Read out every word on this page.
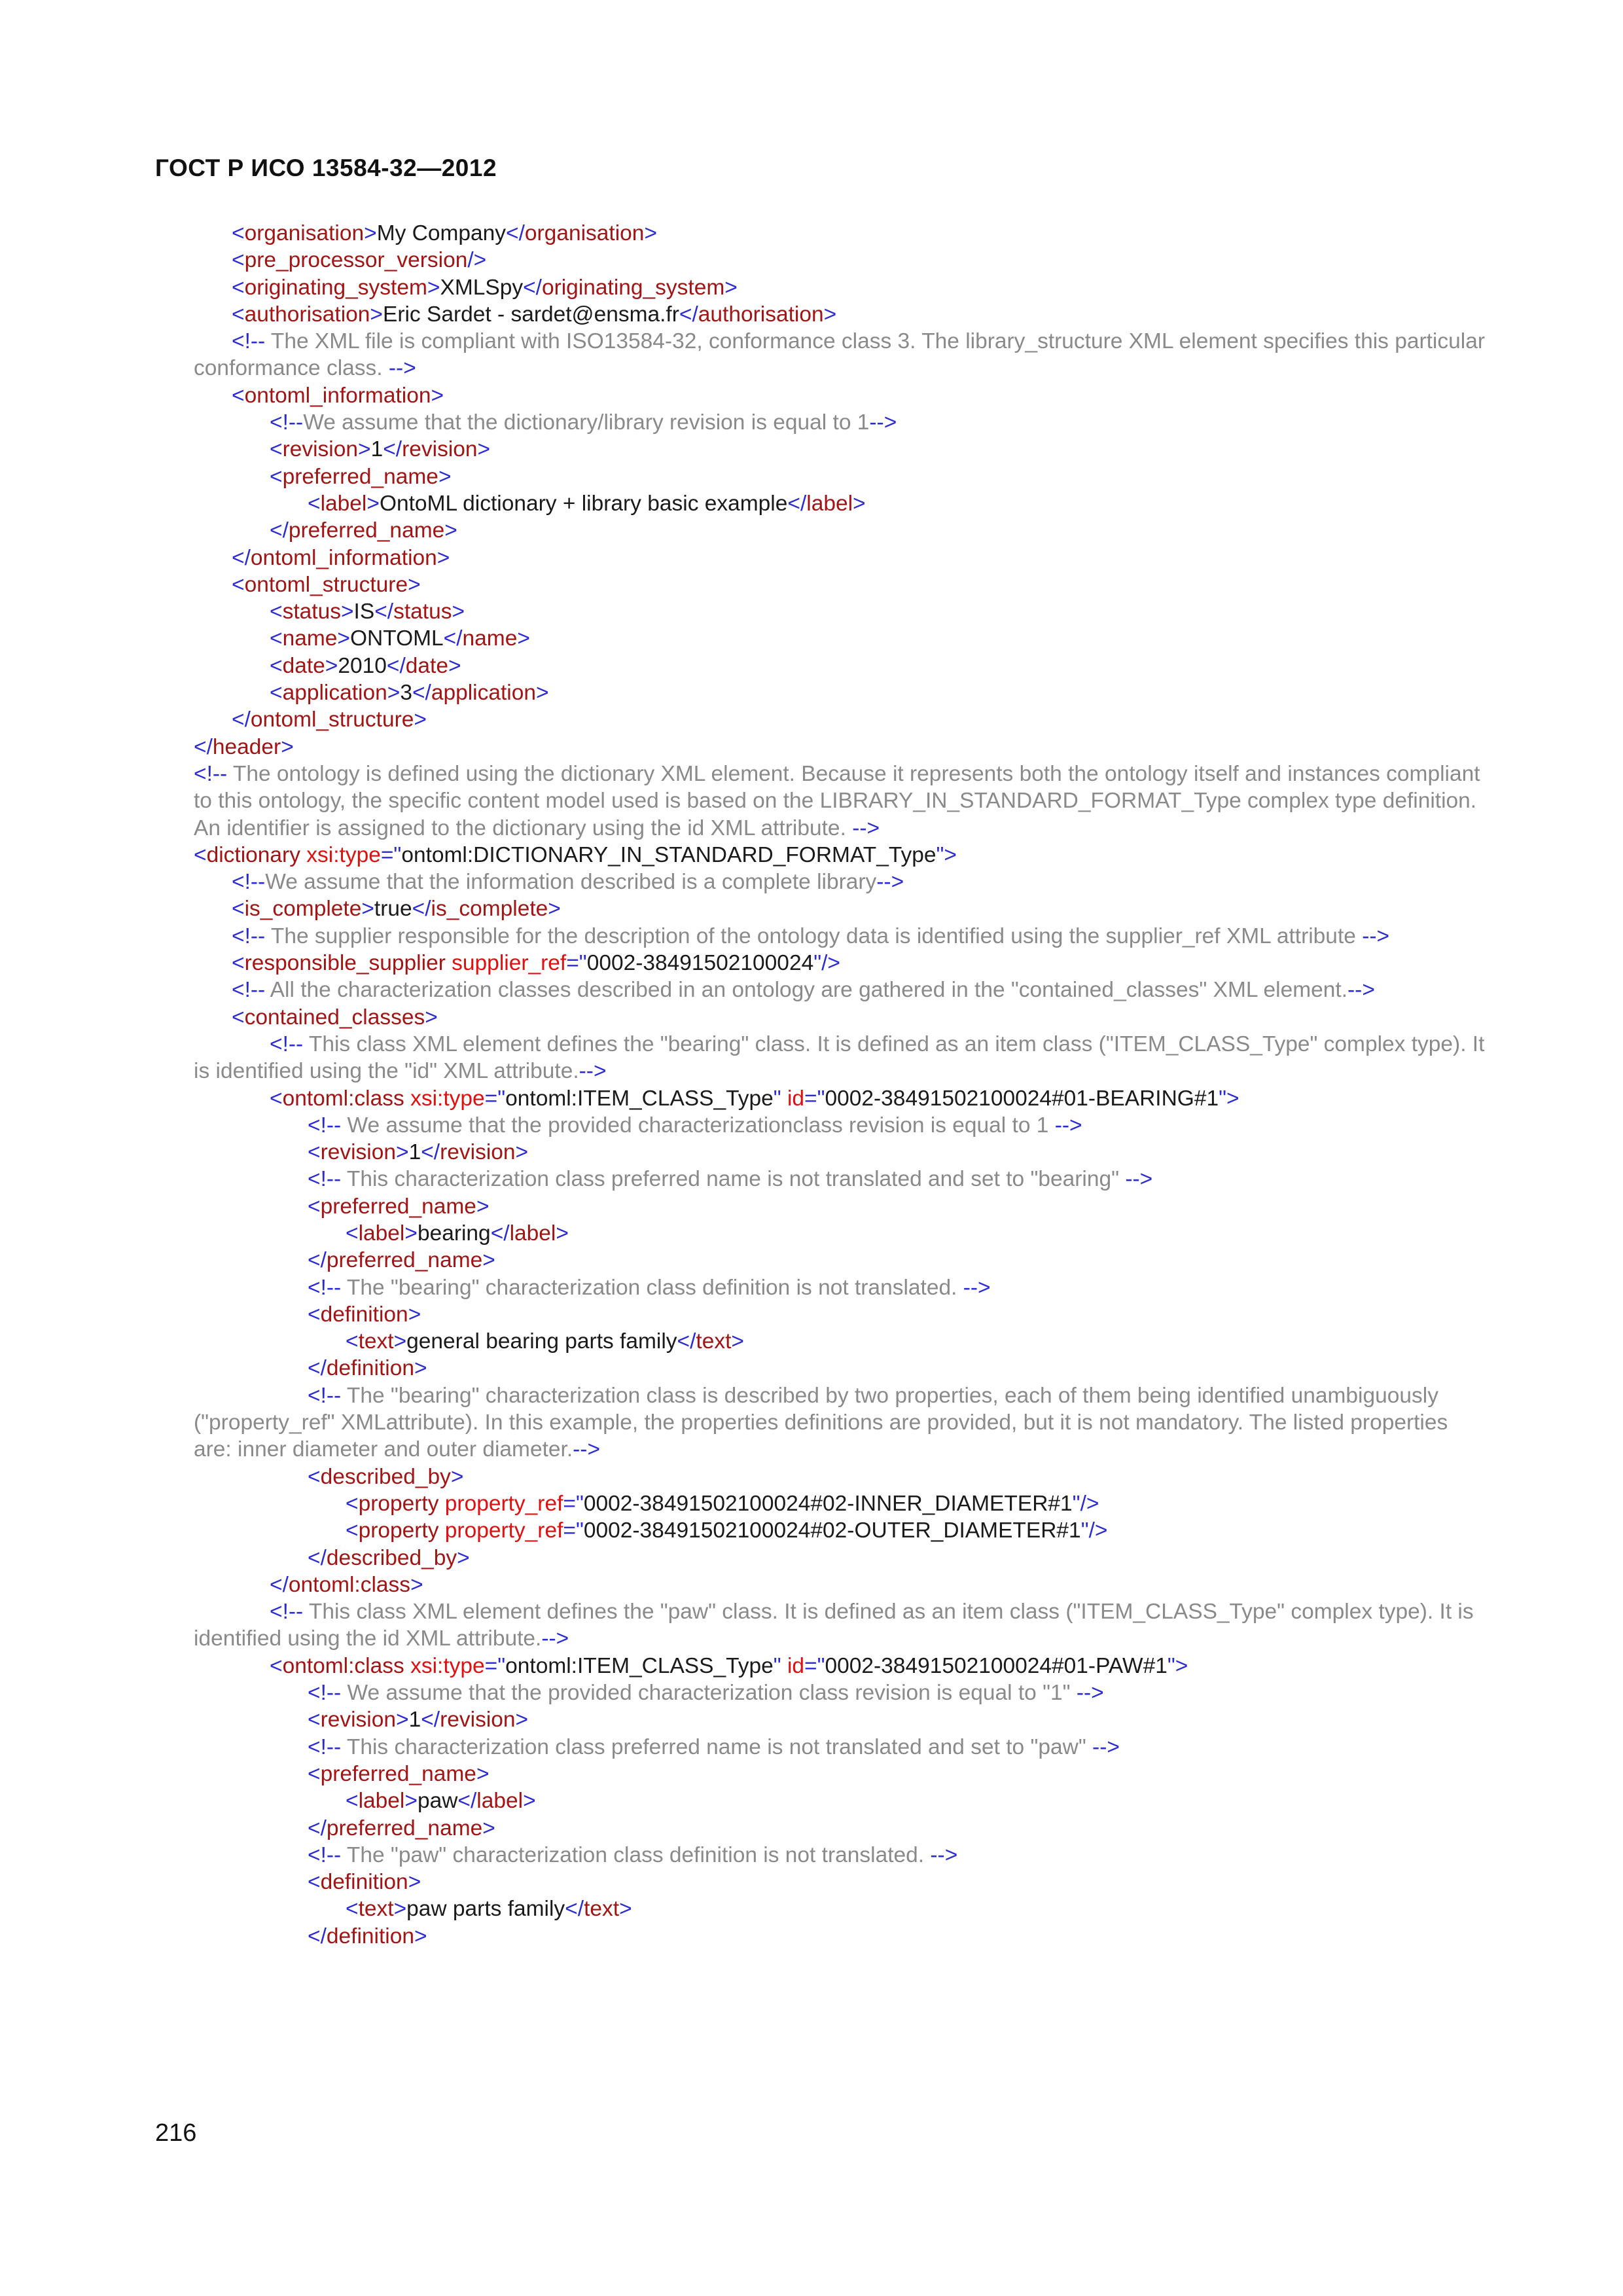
ГОСТ Р ИСО 13584-32—2012
<organisation>My Company</organisation>
<pre_processor_version/>
<originating_system>XMLSpy</originating_system>
<authorisation>Eric Sardet - sardet@ensma.fr</authorisation>
<!-- The XML file is compliant with ISO13584-32, conformance class 3. The library_structure XML element specifies this particular conformance class. -->
<ontoml_information>
<!--We assume that the dictionary/library revision is equal to 1-->
<revision>1</revision>
<preferred_name>
<label>OntoML dictionary + library basic example</label>
</preferred_name>
</ontoml_information>
<ontoml_structure>
<status>IS</status>
<name>ONTOML</name>
<date>2010</date>
<application>3</application>
</ontoml_structure>
</header>
<!-- The ontology is defined using the dictionary XML element. Because it represents both the ontology itself and instances compliant to this ontology, the specific content model used is based on the LIBRARY_IN_STANDARD_FORMAT_Type complex type definition. An identifier is assigned to the dictionary using the id XML attribute. -->
<dictionary xsi:type="ontoml:DICTIONARY_IN_STANDARD_FORMAT_Type">
<!--We assume that the information described is a complete library-->
<is_complete>true</is_complete>
<!-- The supplier responsible for the description of the ontology data is identified using the supplier_ref XML attribute -->
<responsible_supplier supplier_ref="0002-38491502100024"/>
<!-- All the characterization classes described in an ontology are gathered in the "contained_classes" XML element.-->
<contained_classes>
<!-- This class XML element defines the "bearing" class. It is defined as an item class ("ITEM_CLASS_Type" complex type). It is identified using the "id" XML attribute.-->
<ontoml:class xsi:type="ontoml:ITEM_CLASS_Type" id="0002-38491502100024#01-BEARING#1">
<!-- We assume that the provided characterizationclass revision is equal to 1 -->
<revision>1</revision>
<!-- This characterization class preferred name is not translated and set to "bearing" -->
<preferred_name>
<label>bearing</label>
</preferred_name>
<!-- The "bearing" characterization class definition is not translated. -->
<definition>
<text>general bearing parts family</text>
</definition>
<!-- The "bearing" characterization class is described by two properties, each of them being identified unambiguously ("property_ref" XMLattribute). In this example, the properties definitions are provided, but it is not mandatory. The listed properties are: inner diameter and outer diameter.-->
<described_by>
<property property_ref="0002-38491502100024#02-INNER_DIAMETER#1"/>
<property property_ref="0002-38491502100024#02-OUTER_DIAMETER#1"/>
</described_by>
</ontoml:class>
<!-- This class XML element defines the "paw" class. It is defined as an item class ("ITEM_CLASS_Type" complex type). It is identified using the id XML attribute.-->
<ontoml:class xsi:type="ontoml:ITEM_CLASS_Type" id="0002-38491502100024#01-PAW#1">
<!-- We assume that the provided characterization class revision is equal to "1" -->
<revision>1</revision>
<!-- This characterization class preferred name is not translated and set to "paw" -->
<preferred_name>
<label>paw</label>
</preferred_name>
<!-- The "paw" characterization class definition is not translated. -->
<definition>
<text>paw parts family</text>
</definition>
216
